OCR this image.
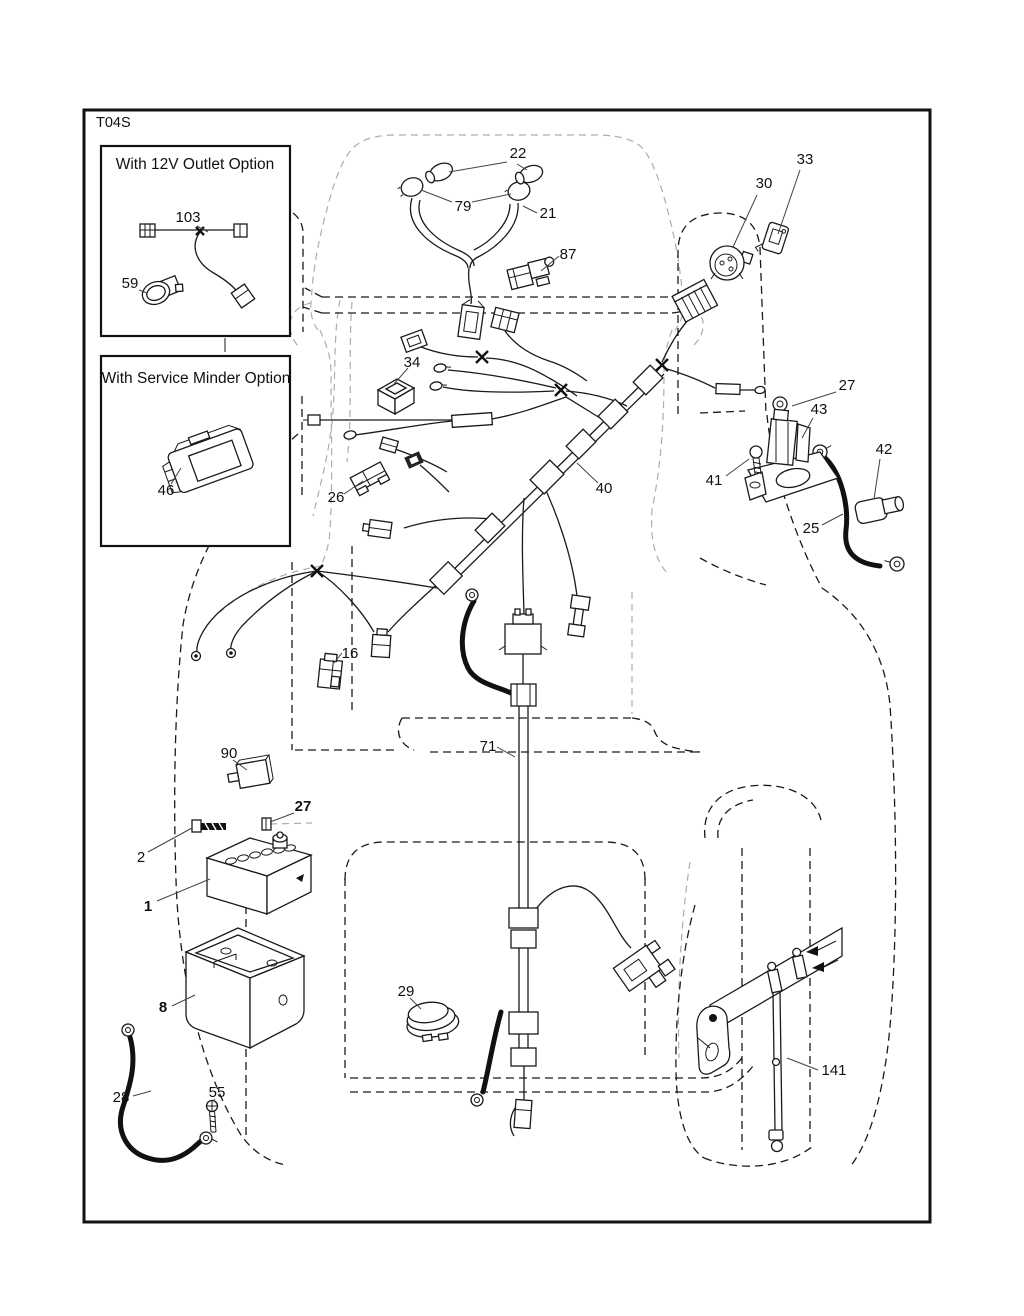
T04S
With 12V Outlet Option
103
59
With Service Minder Option
46
22
79	21
87
30
33
27
43
42
41
25
40
34
26
16
90
2
27
1
8
28	55
29
71
141
